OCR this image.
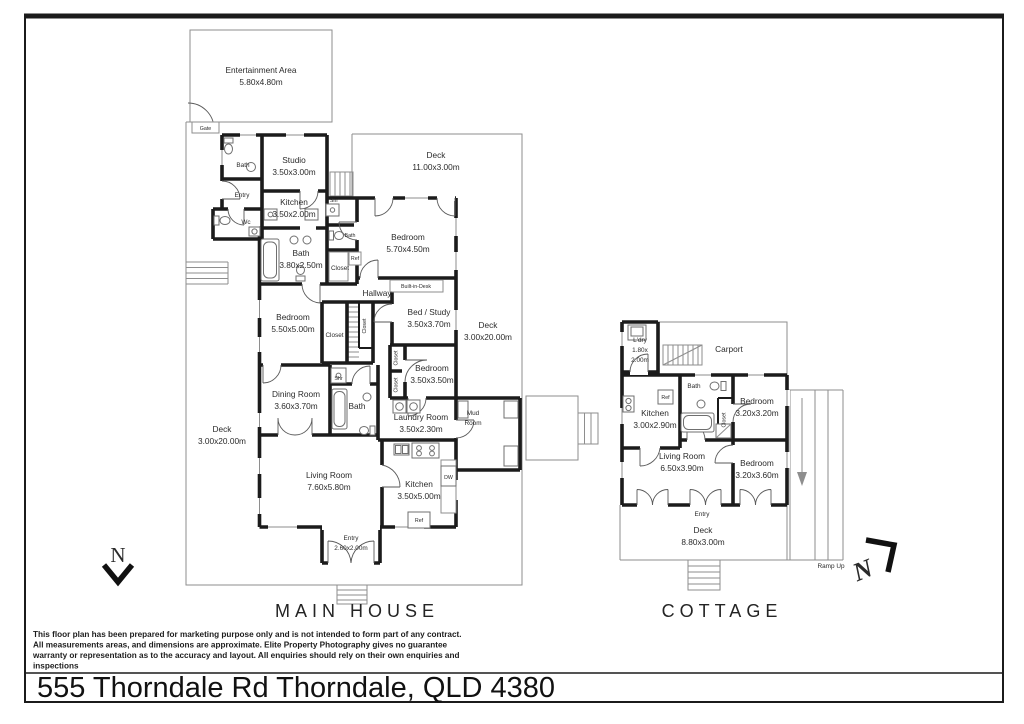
Entertainment Area
5.80x4.80m
Gate
Deck
11.00x3.00m
Deck
3.00x20.00m
Deck
3.00x20.00m
Bath
Studio
3.50x3.00m
Entry
Kitchen
3.50x2.00m
Wc
Shr
Bath
Bath
3.80x2.50m Closet
Ref
Bedroom
5.70x4.50m
Hallway
Built-in-Desk
Bed / Study
3.50x3.70m
Bedroom
5.50x5.00m
Closet
Closet
Closet
Closet
Bedroom
3.50x3.50m
Shr
Dining Room
3.60x3.70m	Bath
Laundry Room
3.50x2.30m
Mud
Room
Living Room
7.60x5.80m	Kitchen
3.50x5.00m
DW
Ref
Entry
2.60x2.00m
L'dry
1.80x
2.00m
Carport
Bath
Ref
Kitchen
3.00x2.90m	Closet
Bedroom
3.20x3.20m
Living Room
6.50x3.90m	Bedroom
3.20x3.60m
Entry
Deck
8.80x3.00m
Ramp Up
N	N
MAIN HOUSE	COTTAGE
This floor plan has been prepared for marketing purpose only and is not intended to form part of any contract.
All measurements areas, and dimensions are approximate. Elite Property Photography gives no guarantee
warranty or representation as to the accuracy and layout. All enquiries should rely on their own enquiries and
inspections
555 Thorndale Rd Thorndale, QLD 4380
